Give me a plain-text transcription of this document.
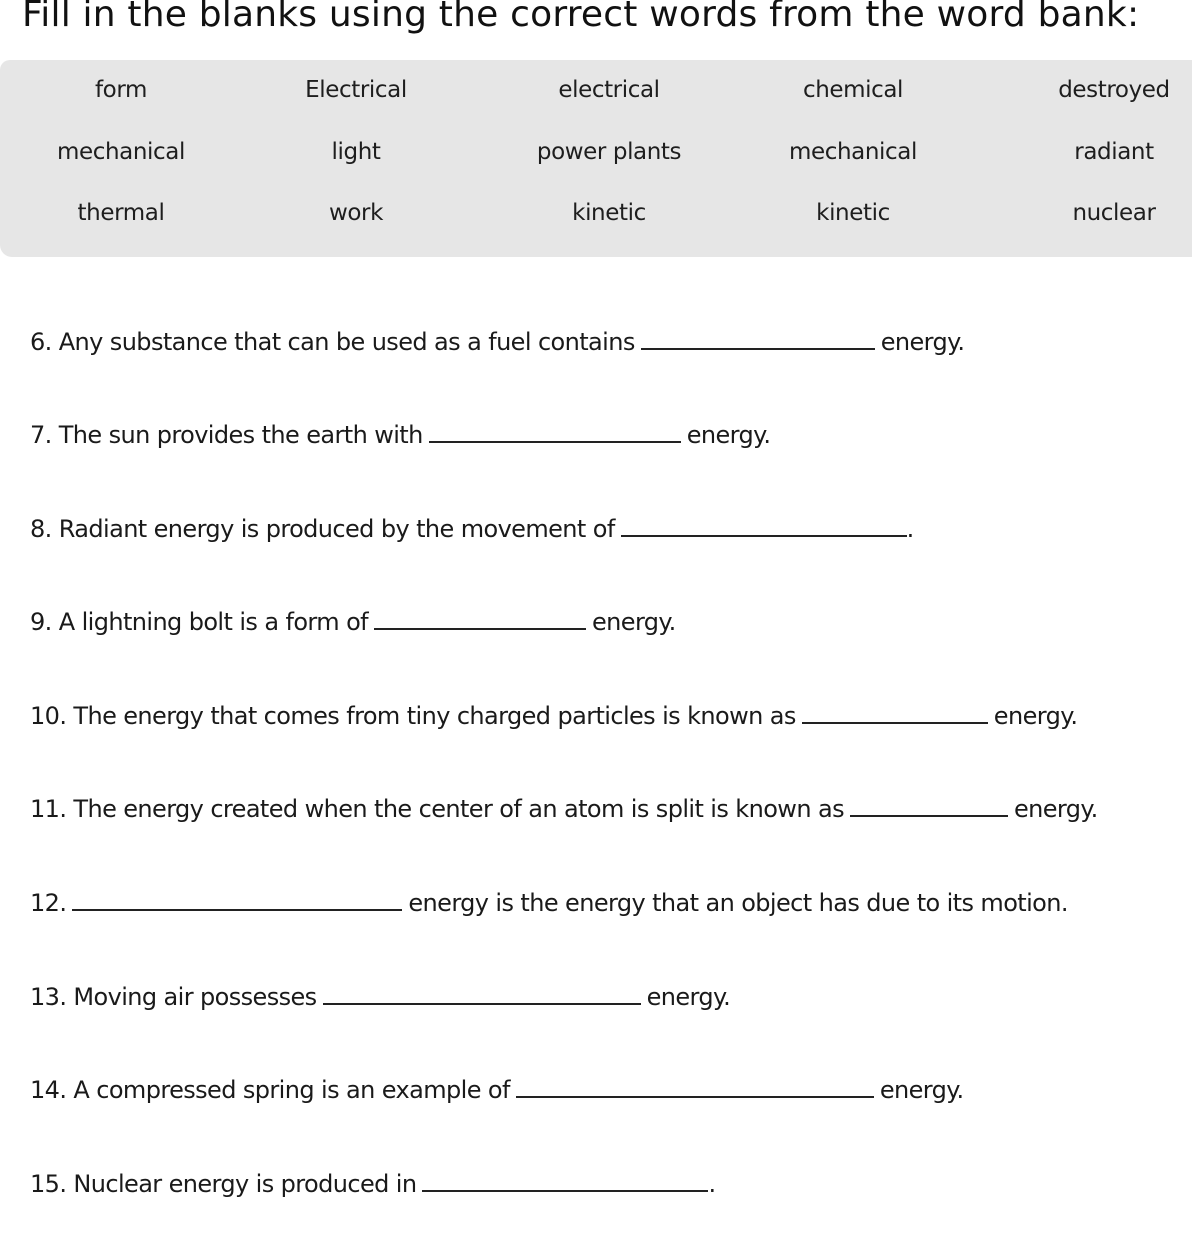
Fill in the blanks using the correct words from the word bank:
form	Electrical	electrical	chemical	destroyed
mechanical	light	power plants	mechanical	radiant
thermal	work	kinetic	kinetic	nuclear
6. Any substance that can be used as a fuel contains	energy.
7. The sun provides the earth with	energy.
8. Radiant energy is produced by the movement of	.
9. A lightning bolt is a form of	energy.
10. The energy that comes from tiny charged particles is known as	energy.
11. The energy created when the center of an atom is split is known as	energy.
12.	energy is the energy that an object has due to its motion.
13. Moving air possesses	energy.
14. A compressed spring is an example of	energy.
15. Nuclear energy is produced in	.
